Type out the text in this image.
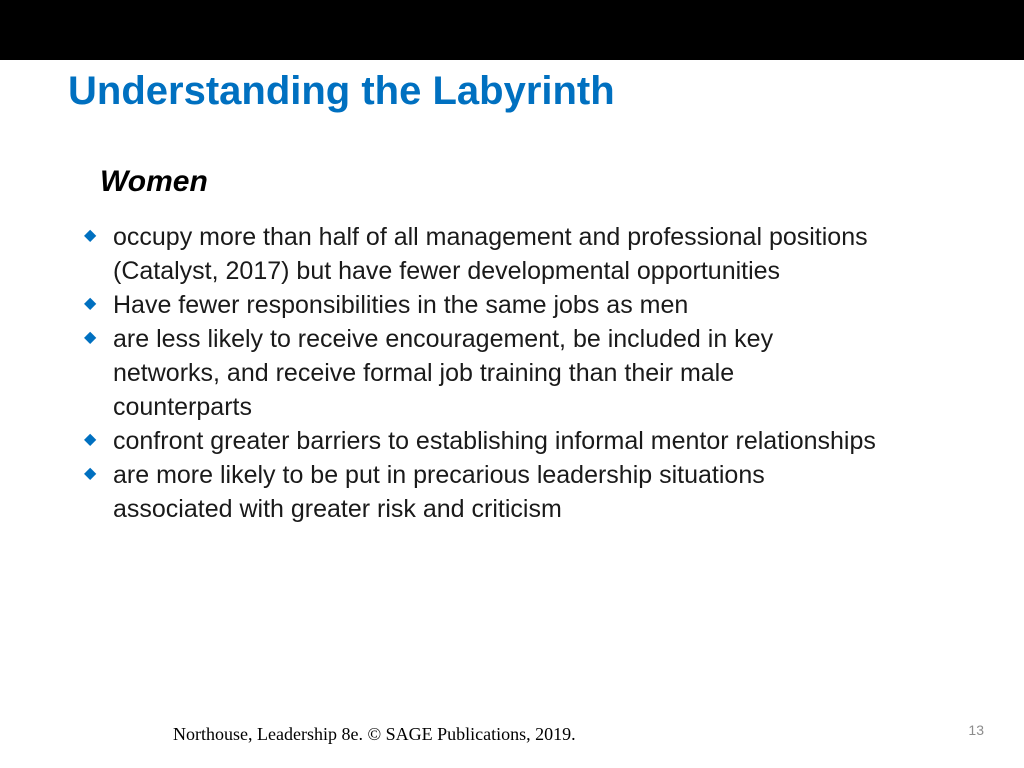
Understanding the Labyrinth
Women
◆ occupy more than half of all management and professional positions (Catalyst, 2017) but have fewer developmental opportunities
◆ Have fewer responsibilities in the same jobs as men
◆ are less likely to receive encouragement, be included in key networks, and receive formal job training than their male counterparts
◆ confront greater barriers to establishing informal mentor relationships
◆ are more likely to be put in precarious leadership situations associated with greater risk and criticism
Northouse, Leadership 8e. © SAGE Publications, 2019.	13
